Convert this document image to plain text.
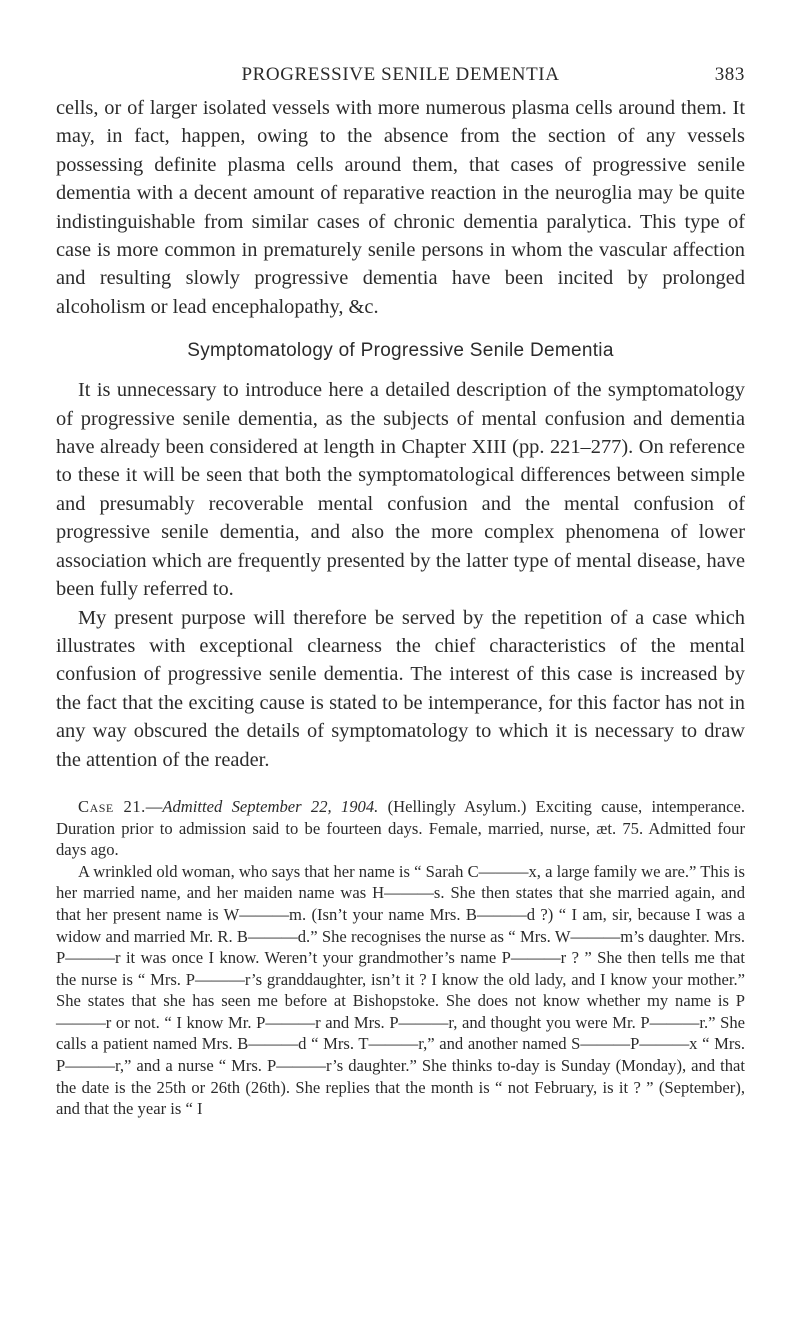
PROGRESSIVE SENILE DEMENTIA	383

cells, or of larger isolated vessels with more numerous plasma cells around them. It may, in fact, happen, owing to the absence from the section of any vessels possessing definite plasma cells around them, that cases of progressive senile dementia with a decent amount of reparative reaction in the neuroglia may be quite indistinguishable from similar cases of chronic dementia paralytica. This type of case is more common in prematurely senile persons in whom the vascular affection and resulting slowly progressive dementia have been incited by prolonged alcoholism or lead encephalopathy, &c.

Symptomatology of Progressive Senile Dementia

It is unnecessary to introduce here a detailed description of the symptomatology of progressive senile dementia, as the subjects of mental confusion and dementia have already been considered at length in Chapter XIII (pp. 221–277). On reference to these it will be seen that both the symptomatological differences between simple and presumably recoverable mental confusion and the mental confusion of progressive senile dementia, and also the more complex phenomena of lower association which are frequently presented by the latter type of mental disease, have been fully referred to.

My present purpose will therefore be served by the repetition of a case which illustrates with exceptional clearness the chief characteristics of the mental confusion of progressive senile dementia. The interest of this case is increased by the fact that the exciting cause is stated to be intemperance, for this factor has not in any way obscured the details of symptomatology to which it is necessary to draw the attention of the reader.

Case 21.—Admitted September 22, 1904. (Hellingly Asylum.) Exciting cause, intemperance. Duration prior to admission said to be fourteen days. Female, married, nurse, æt. 75. Admitted four days ago.

A wrinkled old woman, who says that her name is “ Sarah C———x, a large family we are.” This is her married name, and her maiden name was H———s. She then states that she married again, and that her present name is W———m. (Isn’t your name Mrs. B———d ?) “ I am, sir, because I was a widow and married Mr. R. B———d.” She recognises the nurse as “ Mrs. W———m’s daughter. Mrs. P———r it was once I know. Weren’t your grandmother’s name P———r ? ” She then tells me that the nurse is “ Mrs. P———r’s granddaughter, isn’t it ? I know the old lady, and I know your mother.” She states that she has seen me before at Bishopstoke. She does not know whether my name is P———r or not. “ I know Mr. P———r and Mrs. P———r, and thought you were Mr. P———r.” She calls a patient named Mrs. B———d “ Mrs. T———r,” and another named S———P———x “ Mrs. P———r,” and a nurse “ Mrs. P———r’s daughter.” She thinks to-day is Sunday (Monday), and that the date is the 25th or 26th (26th). She replies that the month is “ not February, is it ? ” (September), and that the year is “ I
